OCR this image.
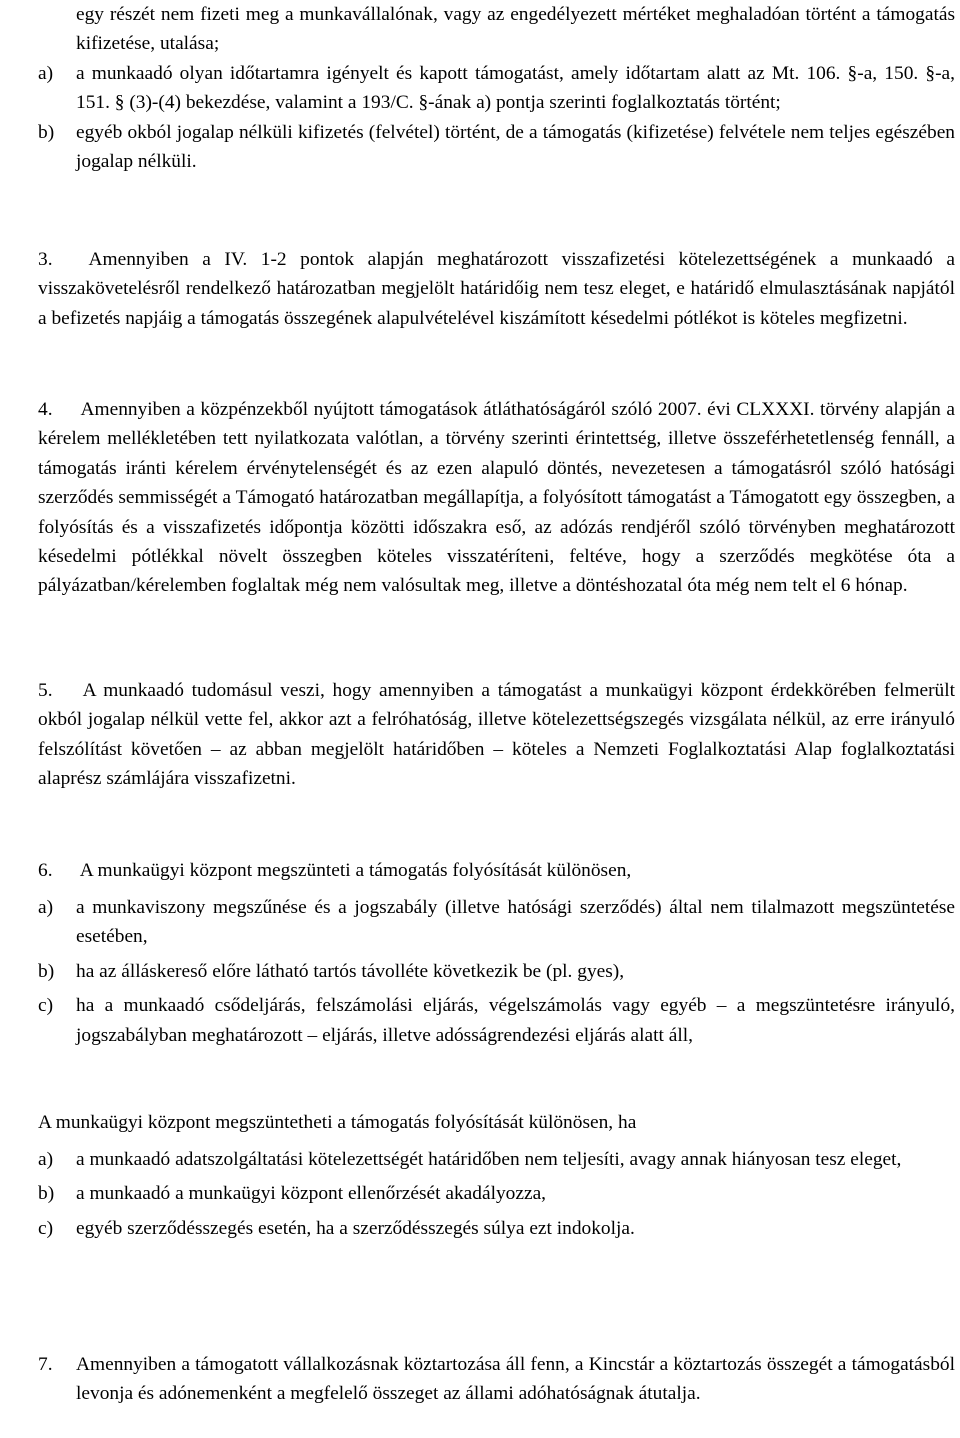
egy részét nem fizeti meg a munkavállalónak, vagy az engedélyezett mértéket meghaladóan történt a támogatás kifizetése, utalása;

a)	a munkaadó olyan időtartamra igényelt és kapott támogatást, amely időtartam alatt az Mt. 106. §-a, 150. §-a, 151. § (3)-(4) bekezdése, valamint a 193/C. §-ának a) pontja szerinti foglalkoztatás történt;
b)	egyéb okból jogalap nélküli kifizetés (felvétel) történt, de a támogatás (kifizetése) felvétele nem teljes egészében jogalap nélküli.
3. Amennyiben a IV. 1-2 pontok alapján meghatározott visszafizetési kötelezettségének a munkaadó a visszakövetelésről rendelkező határozatban megjelölt határidőig nem tesz eleget, e határidő elmulasztásának napjától a befizetés napjáig a támogatás összegének alapulvételével kiszámított késedelmi pótlékot is köteles megfizetni.
4. Amennyiben a közpénzekből nyújtott támogatások átláthatóságáról szóló 2007. évi CLXXXI. törvény alapján a kérelem mellékletében tett nyilatkozata valótlan, a törvény szerinti érintettség, illetve összeférhetetlenség fennáll, a támogatás iránti kérelem érvénytelenségét és az ezen alapuló döntés, nevezetesen a támogatásról szóló hatósági szerződés semmisségét a Támogató határozatban megállapítja, a folyósított támogatást a Támogatott egy összegben, a folyósítás és a visszafizetés időpontja közötti időszakra eső, az adózás rendjéről szóló törvényben meghatározott késedelmi pótlékkal növelt összegben köteles visszatéríteni, feltéve, hogy a szerződés megkötése óta a pályázatban/kérelemben foglaltak még nem valósultak meg, illetve a döntéshozatal óta még nem telt el 6 hónap.
5. A munkaadó tudomásul veszi, hogy amennyiben a támogatást a munkaügyi központ érdekkörében felmerült okból jogalap nélkül vette fel, akkor azt a felróhatóság, illetve kötelezettségszegés vizsgálata nélkül, az erre irányuló felszólítást követően – az abban megjelölt határidőben – köteles a Nemzeti Foglalkoztatási Alap foglalkoztatási alaprész számlájára visszafizetni.
6. A munkaügyi központ megszünteti a támogatás folyósítását különösen,
a)	a munkaviszony megszűnése és a jogszabály (illetve hatósági szerződés) által nem tilalmazott megszüntetése esetében,
b)	ha az álláskereső előre látható tartós távolléte következik be (pl. gyes),
c)	ha a munkaadó csődeljárás, felszámolási eljárás, végelszámolás vagy egyéb – a megszüntetésre irányuló, jogszabályban meghatározott – eljárás, illetve adósságrendezési eljárás alatt áll,

A munkaügyi központ megszüntetheti a támogatás folyósítását különösen, ha

a)	a munkaadó adatszolgáltatási kötelezettségét határidőben nem teljesíti, avagy annak hiányosan tesz eleget,
b)	a munkaadó a munkaügyi központ ellenőrzését akadályozza,
c)	egyéb szerződésszegés esetén, ha a szerződésszegés súlya ezt indokolja.
7.	Amennyiben a támogatott vállalkozásnak köztartozása áll fenn, a Kincstár a köztartozás összegét a támogatásból levonja és adónemenként a megfelelő összeget az állami adóhatóságnak átutalja.
